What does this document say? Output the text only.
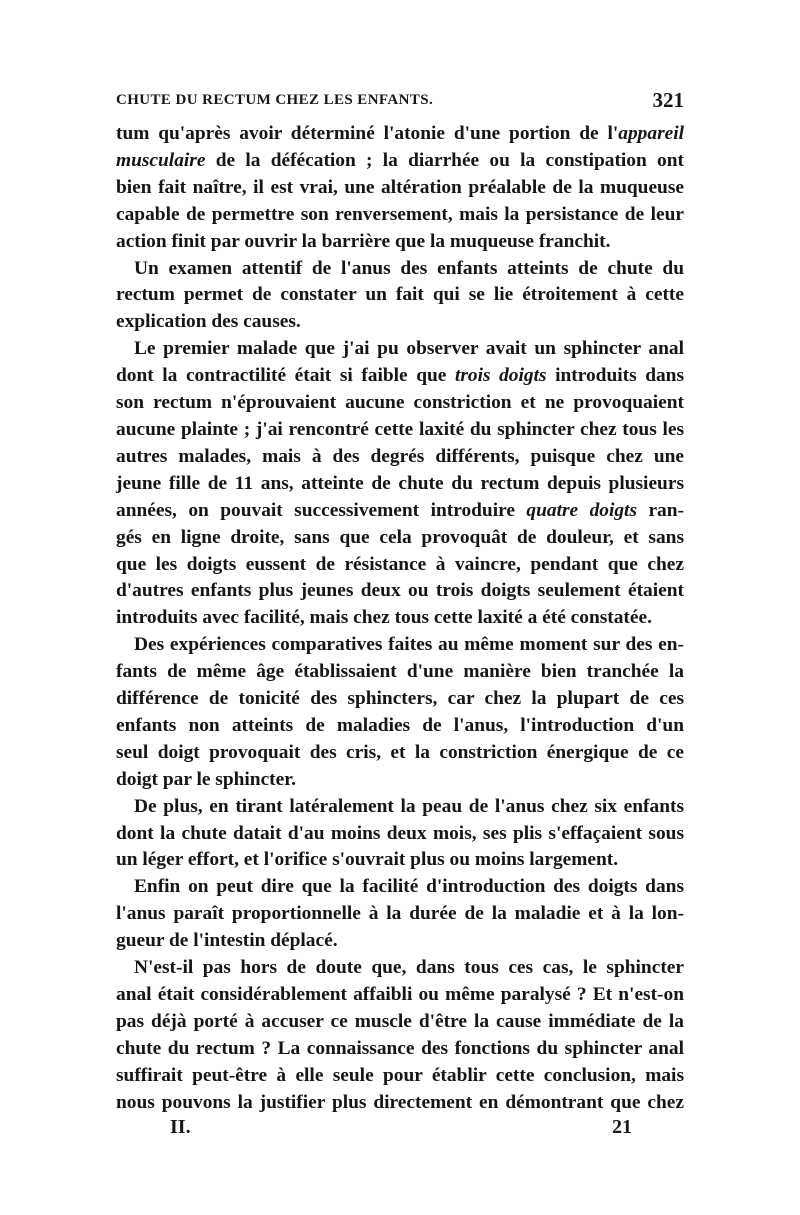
CHUTE DU RECTUM CHEZ LES ENFANTS.	321

tum qu'après avoir déterminé l'atonie d'une portion de l'appareil
musculaire de la défécation ; la diarrhée ou la constipation ont
bien fait naître, il est vrai, une altération préalable de la muqueuse
capable de permettre son renversement, mais la persistance de leur
action finit par ouvrir la barrière que la muqueuse franchit.

Un examen attentif de l'anus des enfants atteints de chute du
rectum permet de constater un fait qui se lie étroitement à cette
explication des causes.

Le premier malade que j'ai pu observer avait un sphincter anal
dont la contractilité était si faible que trois doigts introduits dans
son rectum n'éprouvaient aucune constriction et ne provoquaient
aucune plainte ; j'ai rencontré cette laxité du sphincter chez tous les
autres malades, mais à des degrés différents, puisque chez une
jeune fille de 11 ans, atteinte de chute du rectum depuis plusieurs
années, on pouvait successivement introduire quatre doigts ran-
gés en ligne droite, sans que cela provoquât de douleur, et sans
que les doigts eussent de résistance à vaincre, pendant que chez
d'autres enfants plus jeunes deux ou trois doigts seulement étaient
introduits avec facilité, mais chez tous cette laxité a été constatée.

Des expériences comparatives faites au même moment sur des en-
fants de même âge établissaient d'une manière bien tranchée la
différence de tonicité des sphincters, car chez la plupart de ces
enfants non atteints de maladies de l'anus, l'introduction d'un
seul doigt provoquait des cris, et la constriction énergique de ce
doigt par le sphincter.

De plus, en tirant latéralement la peau de l'anus chez six enfants
dont la chute datait d'au moins deux mois, ses plis s'effaçaient sous
un léger effort, et l'orifice s'ouvrait plus ou moins largement.

Enfin on peut dire que la facilité d'introduction des doigts dans
l'anus paraît proportionnelle à la durée de la maladie et à la lon-
gueur de l'intestin déplacé.

N'est-il pas hors de doute que, dans tous ces cas, le sphincter
anal était considérablement affaibli ou même paralysé ? Et n'est-on
pas déjà porté à accuser ce muscle d'être la cause immédiate de la
chute du rectum ? La connaissance des fonctions du sphincter anal
suffirait peut-être à elle seule pour établir cette conclusion, mais
nous pouvons la justifier plus directement en démontrant que chez

II.	21
